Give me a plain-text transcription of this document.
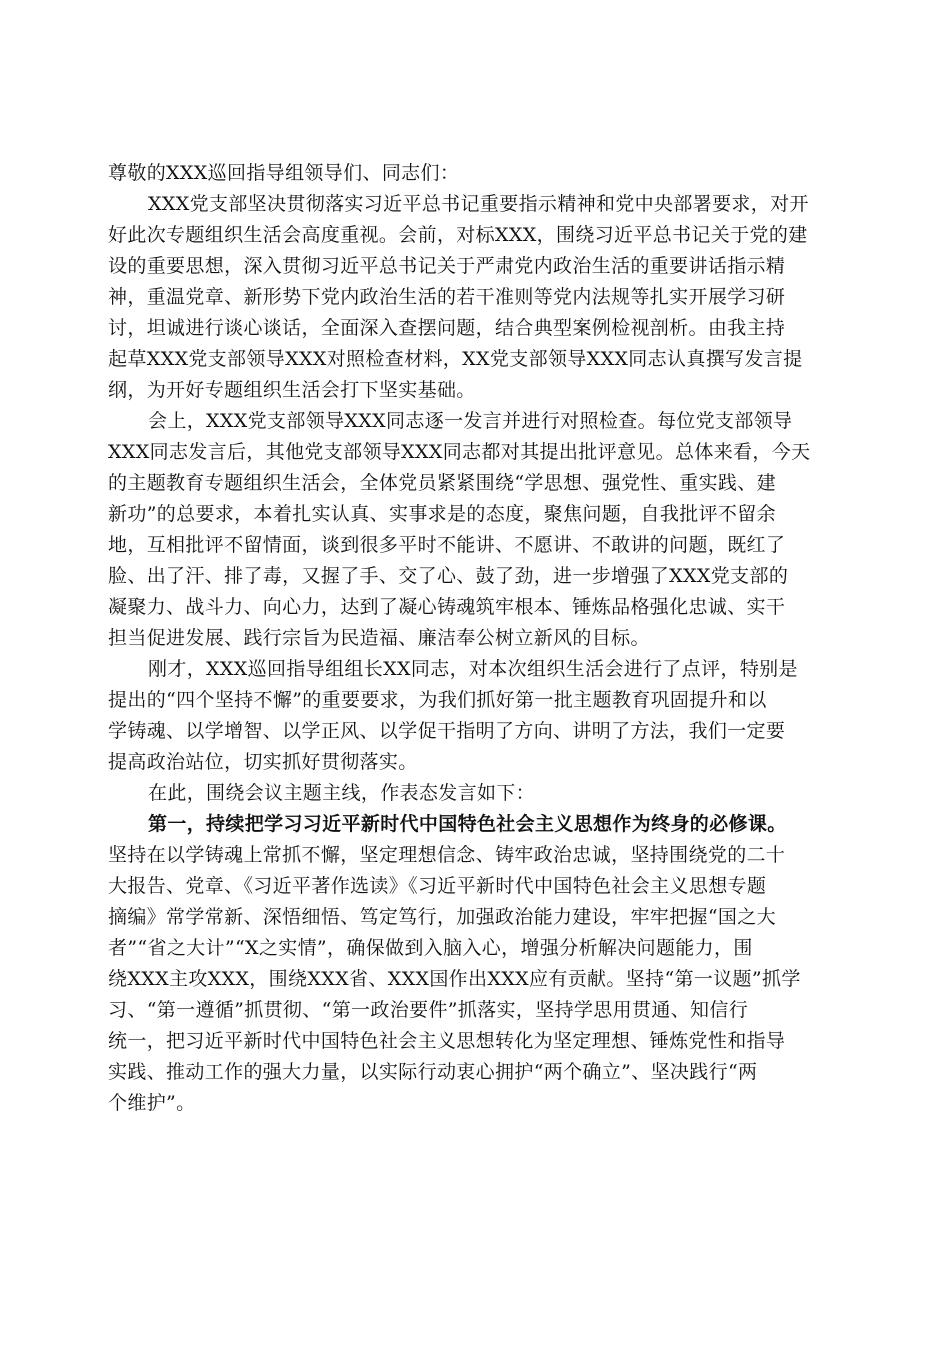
尊敬的XXX巡回指导组领导们、同志们：

XXX党支部坚决贯彻落实习近平总书记重要指示精神和党中央部署要求，对开

好此次专题组织生活会高度重视。会前，对标XXX，围绕习近平总书记关于党的建

设的重要思想，深入贯彻习近平总书记关于严肃党内政治生活的重要讲话指示精

神，重温党章、新形势下党内政治生活的若干准则等党内法规等扎实开展学习研

讨，坦诚进行谈心谈话，全面深入查摆问题，结合典型案例检视剖析。由我主持

起草XXX党支部领导XXX对照检查材料，XX党支部领导XXX同志认真撰写发言提

纲，为开好专题组织生活会打下坚实基础。

会上，XXX党支部领导XXX同志逐一发言并进行对照检查。每位党支部领导

XXX同志发言后，其他党支部领导XXX同志都对其提出批评意见。总体来看，今天

的主题教育专题组织生活会，全体党员紧紧围绕“学思想、强党性、重实践、建

新功”的总要求，本着扎实认真、实事求是的态度，聚焦问题，自我批评不留余

地，互相批评不留情面，谈到很多平时不能讲、不愿讲、不敢讲的问题，既红了

脸、出了汗、排了毒，又握了手、交了心、鼓了劲，进一步增强了XXX党支部的

凝聚力、战斗力、向心力，达到了凝心铸魂筑牢根本、锤炼品格强化忠诚、实干

担当促进发展、践行宗旨为民造福、廉洁奉公树立新风的目标。

刚才，XXX巡回指导组组长XX同志，对本次组织生活会进行了点评，特别是

提出的“四个坚持不懈”的重要要求，为我们抓好第一批主题教育巩固提升和以

学铸魂、以学增智、以学正风、以学促干指明了方向、讲明了方法，我们一定要

提高政治站位，切实抓好贯彻落实。

在此，围绕会议主题主线，作表态发言如下：

第一，持续把学习习近平新时代中国特色社会主义思想作为终身的必修课。

坚持在以学铸魂上常抓不懈，坚定理想信念、铸牢政治忠诚，坚持围绕党的二十

大报告、党章、《习近平著作选读》《习近平新时代中国特色社会主义思想专题

摘编》常学常新、深悟细悟、笃定笃行，加强政治能力建设，牢牢把握“国之大

者”“省之大计”“X之实情”，确保做到入脑入心，增强分析解决问题能力，围

绕XXX主攻XXX，围绕XXX省、XXX国作出XXX应有贡献。坚持“第一议题”抓学

习、“第一遵循”抓贯彻、“第一政治要件”抓落实，坚持学思用贯通、知信行

统一，把习近平新时代中国特色社会主义思想转化为坚定理想、锤炼党性和指导

实践、推动工作的强大力量，以实际行动衷心拥护“两个确立”、坚决践行“两

个维护”。
